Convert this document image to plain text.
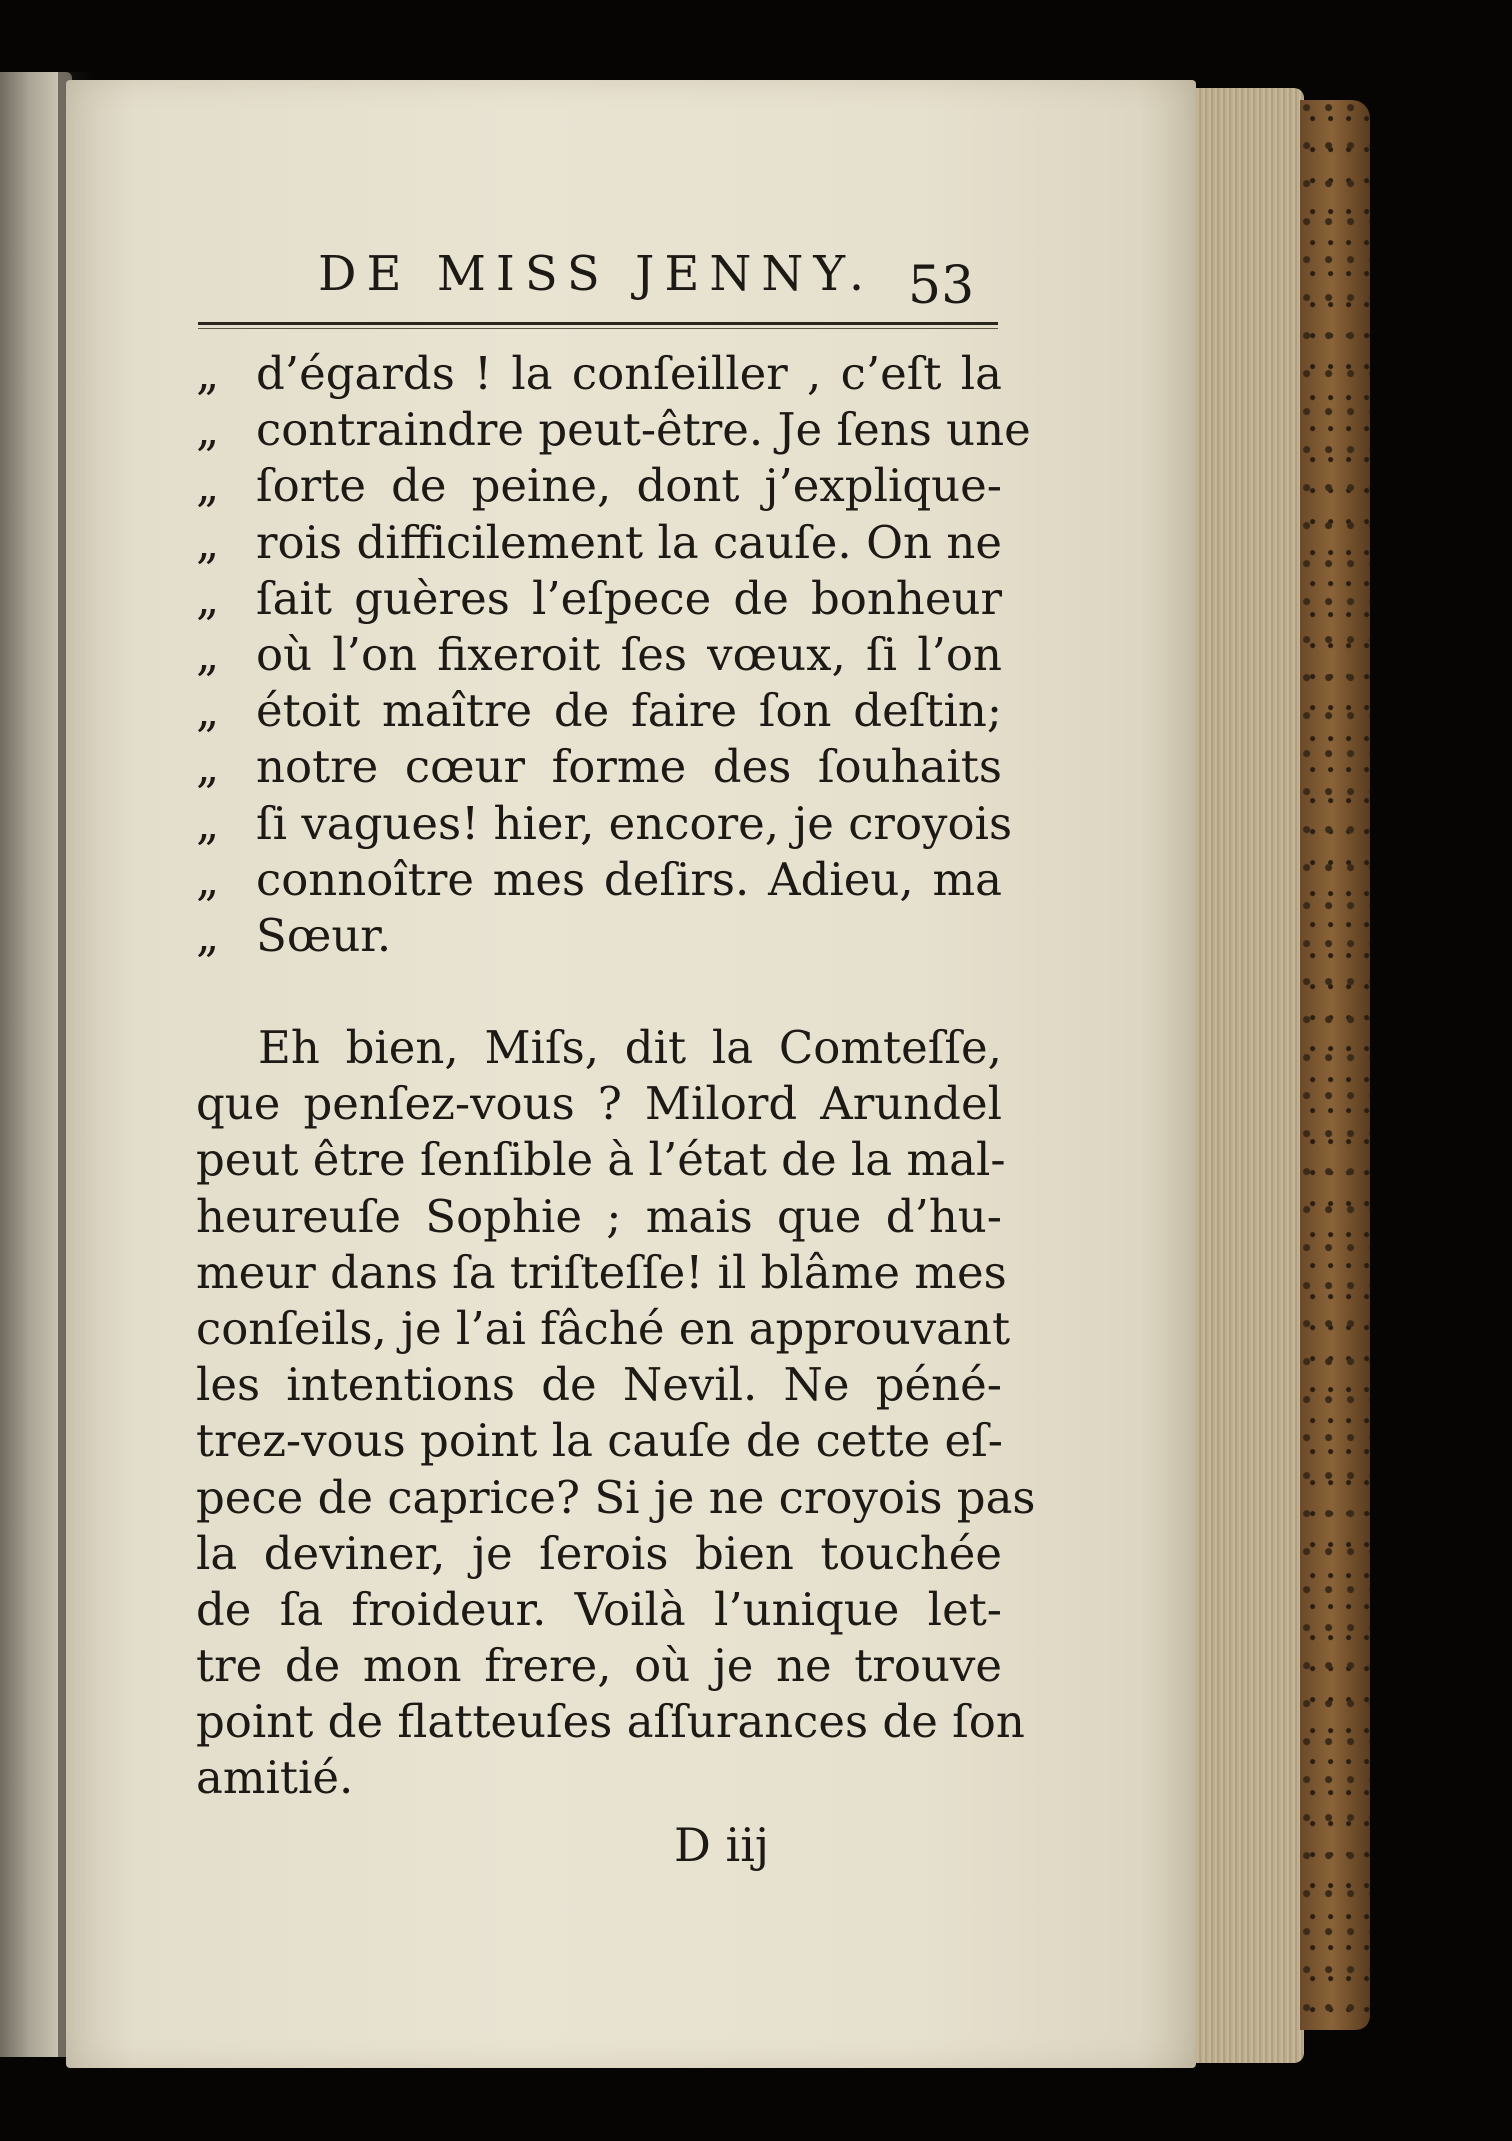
DE MISS JENNY. 53
„ d’égards ! la conſeiller , c’eſt la
„ contraindre peut-être. Je ſens une
„ ſorte de peine, dont j’explique-
„ rois difficilement la cauſe. On ne
„ ſait guères l’eſpece de bonheur
„ où l’on fixeroit ſes vœux, ſi l’on
„ étoit maître de faire ſon deſtin;
„ notre cœur forme des ſouhaits
„ ſi vagues! hier, encore, je croyois
„ connoître mes deſirs. Adieu, ma
„ Sœur.
Eh bien, Miſs, dit la Comteſſe,
que penſez-vous ? Milord Arundel
peut être ſenſible à l’état de la mal-
heureuſe Sophie ; mais que d’hu-
meur dans ſa triſteſſe! il blâme mes
conſeils, je l’ai fâché en approuvant
les intentions de Nevil. Ne péné-
trez-vous point la cauſe de cette eſ-
pece de caprice? Si je ne croyois pas
la deviner, je ſerois bien touchée
de ſa froideur. Voilà l’unique let-
tre de mon frere, où je ne trouve
point de flatteuſes aſſurances de ſon
amitié.
D iij
